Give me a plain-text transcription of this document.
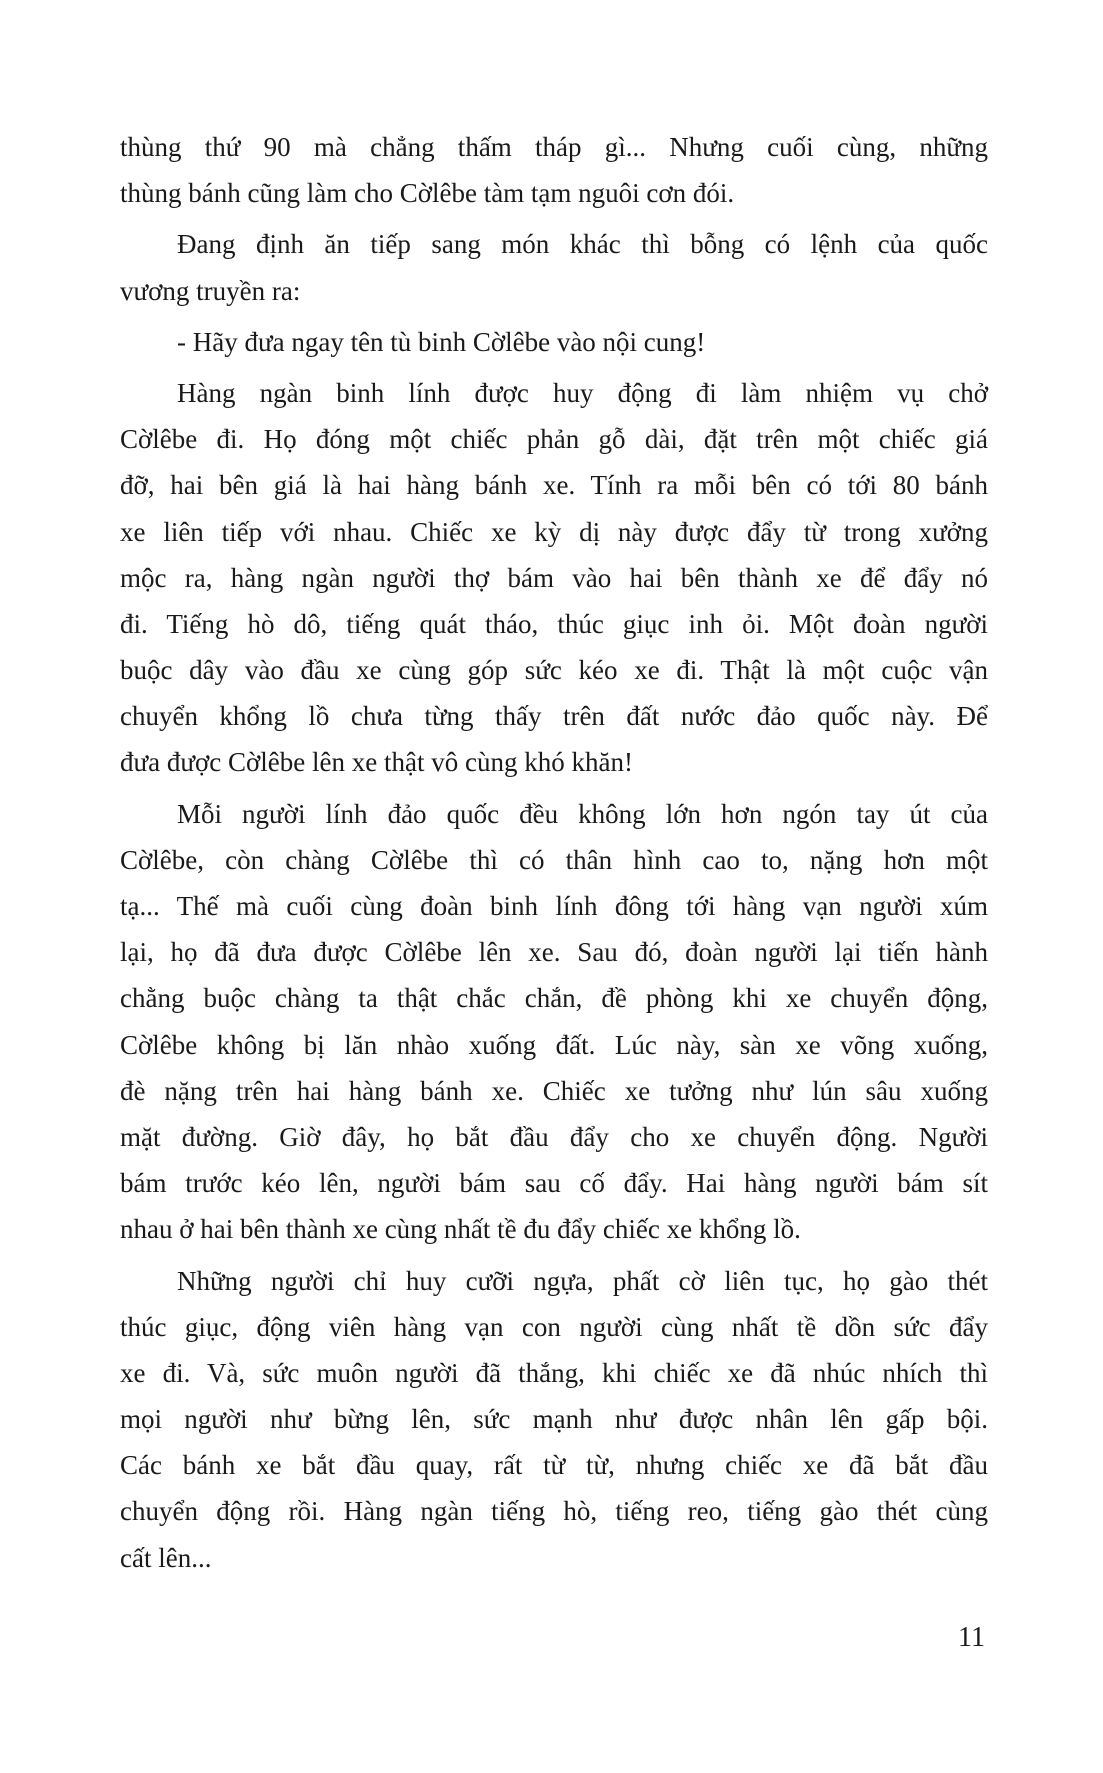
thùng thứ 90 mà chẳng thấm tháp gì... Nhưng cuối cùng, những
thùng bánh cũng làm cho Cờlêbe tàm tạm nguôi cơn đói.
Đang định ăn tiếp sang món khác thì bỗng có lệnh của quốc
vương truyền ra:
- Hãy đưa ngay tên tù binh Cờlêbe vào nội cung!
Hàng ngàn binh lính được huy động đi làm nhiệm vụ chở
Cờlêbe đi. Họ đóng một chiếc phản gỗ dài, đặt trên một chiếc giá
đỡ, hai bên giá là hai hàng bánh xe. Tính ra mỗi bên có tới 80 bánh
xe liên tiếp với nhau. Chiếc xe kỳ dị này được đẩy từ trong xưởng
mộc ra, hàng ngàn người thợ bám vào hai bên thành xe để đẩy nó
đi. Tiếng hò dô, tiếng quát tháo, thúc giục inh ỏi. Một đoàn người
buộc dây vào đầu xe cùng góp sức kéo xe đi. Thật là một cuộc vận
chuyển khổng lồ chưa từng thấy trên đất nước đảo quốc này. Để
đưa được Cờlêbe lên xe thật vô cùng khó khăn!
Mỗi người lính đảo quốc đều không lớn hơn ngón tay út của
Cờlêbe, còn chàng Cờlêbe thì có thân hình cao to, nặng hơn một
tạ... Thế mà cuối cùng đoàn binh lính đông tới hàng vạn người xúm
lại, họ đã đưa được Cờlêbe lên xe. Sau đó, đoàn người lại tiến hành
chằng buộc chàng ta thật chắc chắn, đề phòng khi xe chuyển động,
Cờlêbe không bị lăn nhào xuống đất. Lúc này, sàn xe võng xuống,
đè nặng trên hai hàng bánh xe. Chiếc xe tưởng như lún sâu xuống
mặt đường. Giờ đây, họ bắt đầu đẩy cho xe chuyển động. Người
bám trước kéo lên, người bám sau cố đẩy. Hai hàng người bám sít
nhau ở hai bên thành xe cùng nhất tề đu đẩy chiếc xe khổng lồ.
Những người chỉ huy cưỡi ngựa, phất cờ liên tục, họ gào thét
thúc giục, động viên hàng vạn con người cùng nhất tề dồn sức đẩy
xe đi. Và, sức muôn người đã thắng, khi chiếc xe đã nhúc nhích thì
mọi người như bừng lên, sức mạnh như được nhân lên gấp bội.
Các bánh xe bắt đầu quay, rất từ từ, nhưng chiếc xe đã bắt đầu
chuyển động rồi. Hàng ngàn tiếng hò, tiếng reo, tiếng gào thét cùng
cất lên...
11
